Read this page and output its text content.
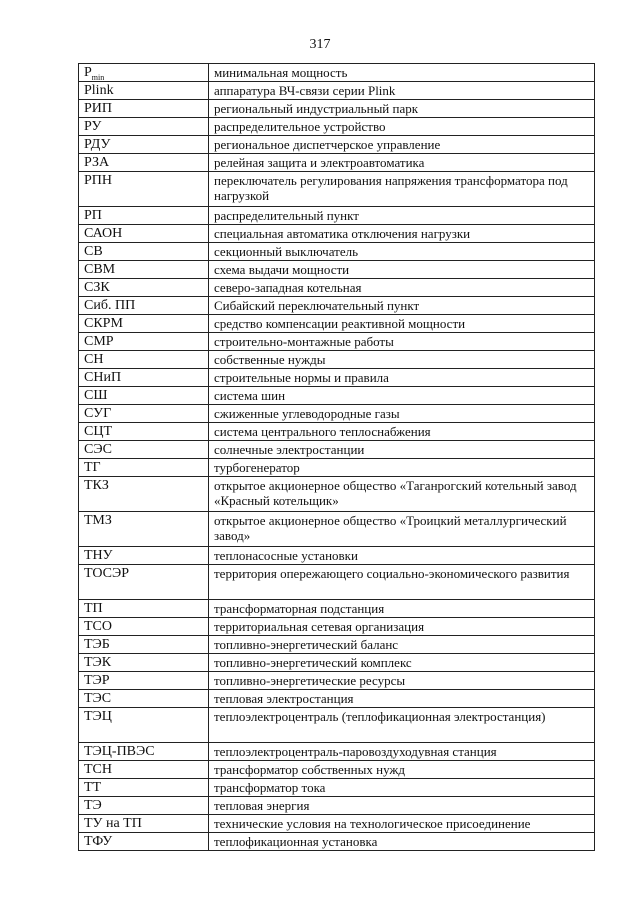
317
$P_{min}$	минимальная мощность
Plink	аппаратура ВЧ-связи серии Plink
РИП	региональный индустриальный парк
РУ	распределительное устройство
РДУ	региональное диспетчерское управление
РЗА	релейная защита и электроавтоматика
РПН	переключатель регулирования напряжения трансформатора под нагрузкой
РП	распределительный пункт
САОН	специальная автоматика отключения нагрузки
СВ	секционный выключатель
СВМ	схема выдачи мощности
СЗК	северо-западная котельная
Сиб. ПП	Сибайский переключательный пункт
СКРМ	средство компенсации реактивной мощности
СМР	строительно-монтажные работы
СН	собственные нужды
СНиП	строительные нормы и правила
СШ	система шин
СУГ	сжиженные углеводородные газы
СЦТ	система центрального теплоснабжения
СЭС	солнечные электростанции
ТГ	турбогенератор
ТКЗ	открытое акционерное общество «Таганрогский котельный завод «Красный котельщик»
ТМЗ	открытое акционерное общество «Троицкий металлургический завод»
ТНУ	теплонасосные установки
ТОСЭР	территория опережающего социально-экономического развития
ТП	трансформаторная подстанция
ТСО	территориальная сетевая организация
ТЭБ	топливно-энергетический баланс
ТЭК	топливно-энергетический комплекс
ТЭР	топливно-энергетические ресурсы
ТЭС	тепловая электростанция
ТЭЦ	теплоэлектроцентраль (теплофикационная электростанция)
ТЭЦ-ПВЭС	теплоэлектроцентраль-паровоздуходувная станция
ТСН	трансформатор собственных нужд
ТТ	трансформатор тока
ТЭ	тепловая энергия
ТУ на ТП	технические условия на технологическое присоединение
ТФУ	теплофикационная установка
